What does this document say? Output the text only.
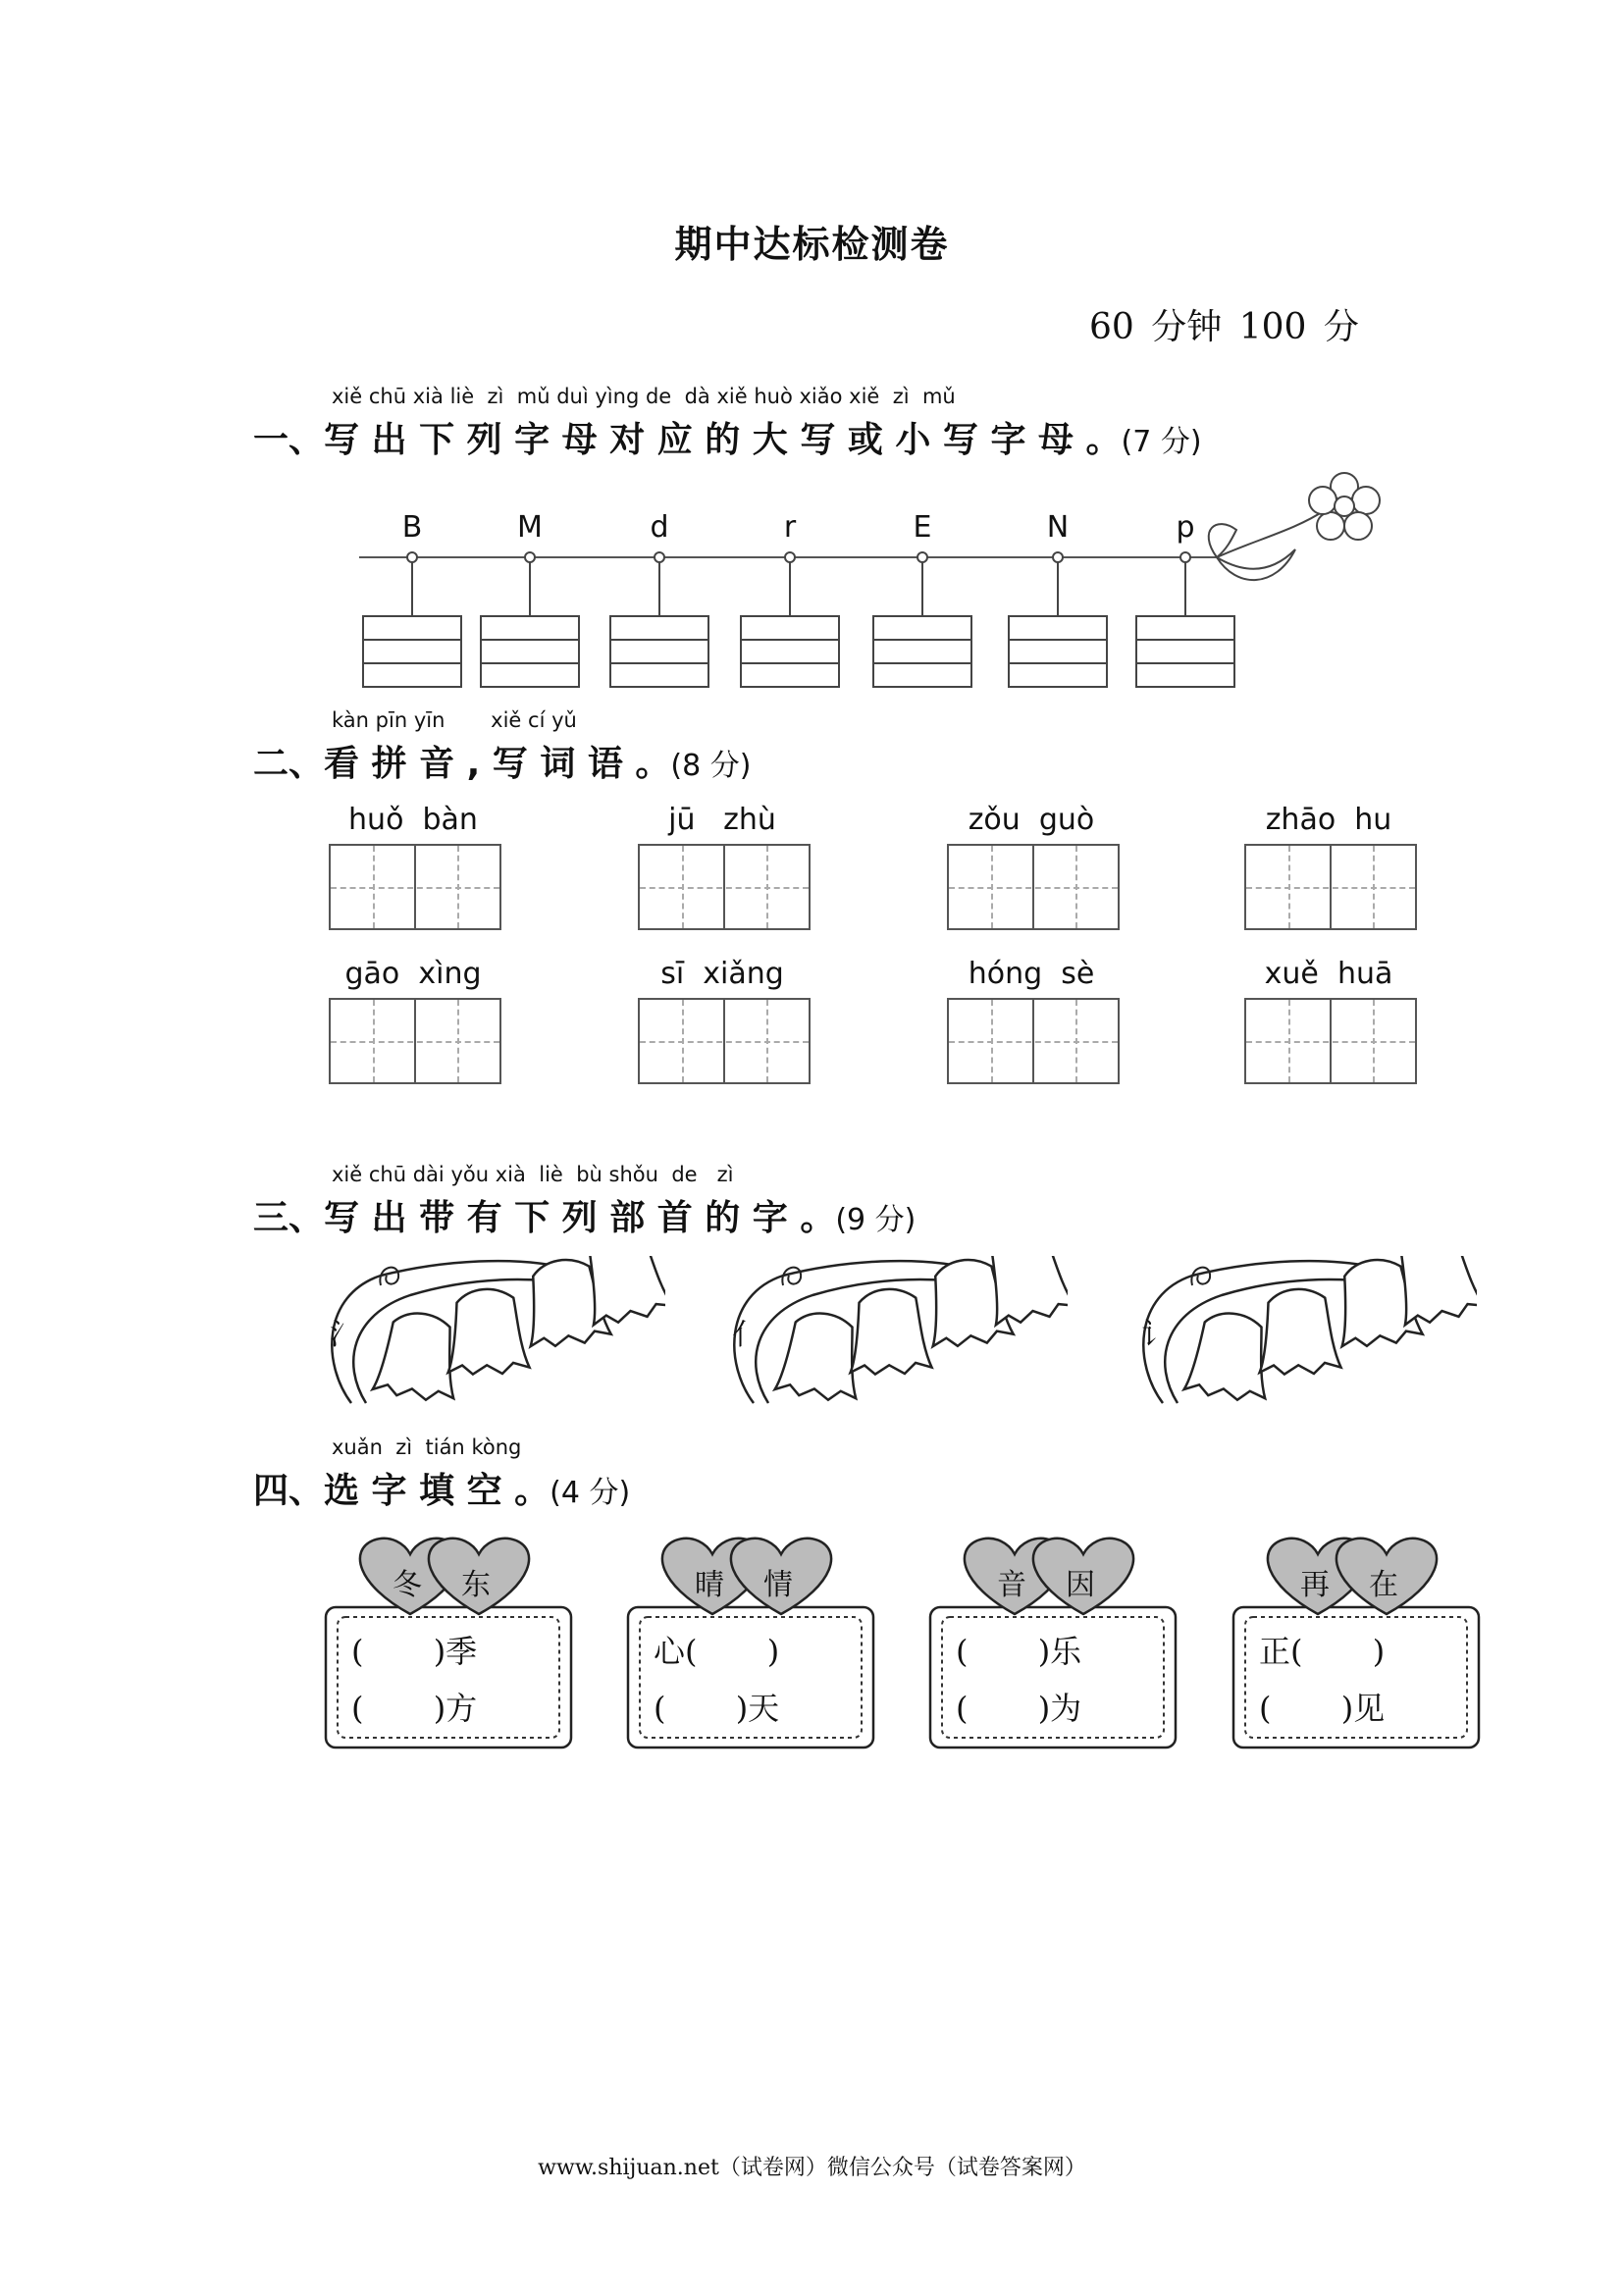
期中达标检测卷
60 分钟 100 分
xiě chū xià liè zì mǔ duì yìng de dà xiě huò xiǎo xiě zì mǔ
一、写 出 下 列 字 母 对 应 的 大 写 或 小 写 字 母 。(7 分)
B	M	d	r	E	N	p
kàn pīn yīn xiě cí yǔ
二、看 拼 音 , 写 词 语 。(8 分)
huǒ  bàn	jū   zhù	zǒu  guò	zhāo  hu
gāo  xìng	sī  xiǎng	hóng  sè	xuě  huā
xiě chū dài yǒu xià liè bù shǒu de zì
三、写 出 带 有 下 列 部 首 的 字 。(9 分)
氵	亻	讠
xuǎn zì tián kòng
四、选 字 填 空 。(4 分)
冬 东
(       )季
(       )方
晴 情
心(       )
(       )天
音 因
(       )乐
(       )为
再 在
正(       )
(       )见
www.shijuan.net（试卷网）微信公众号（试卷答案网）
